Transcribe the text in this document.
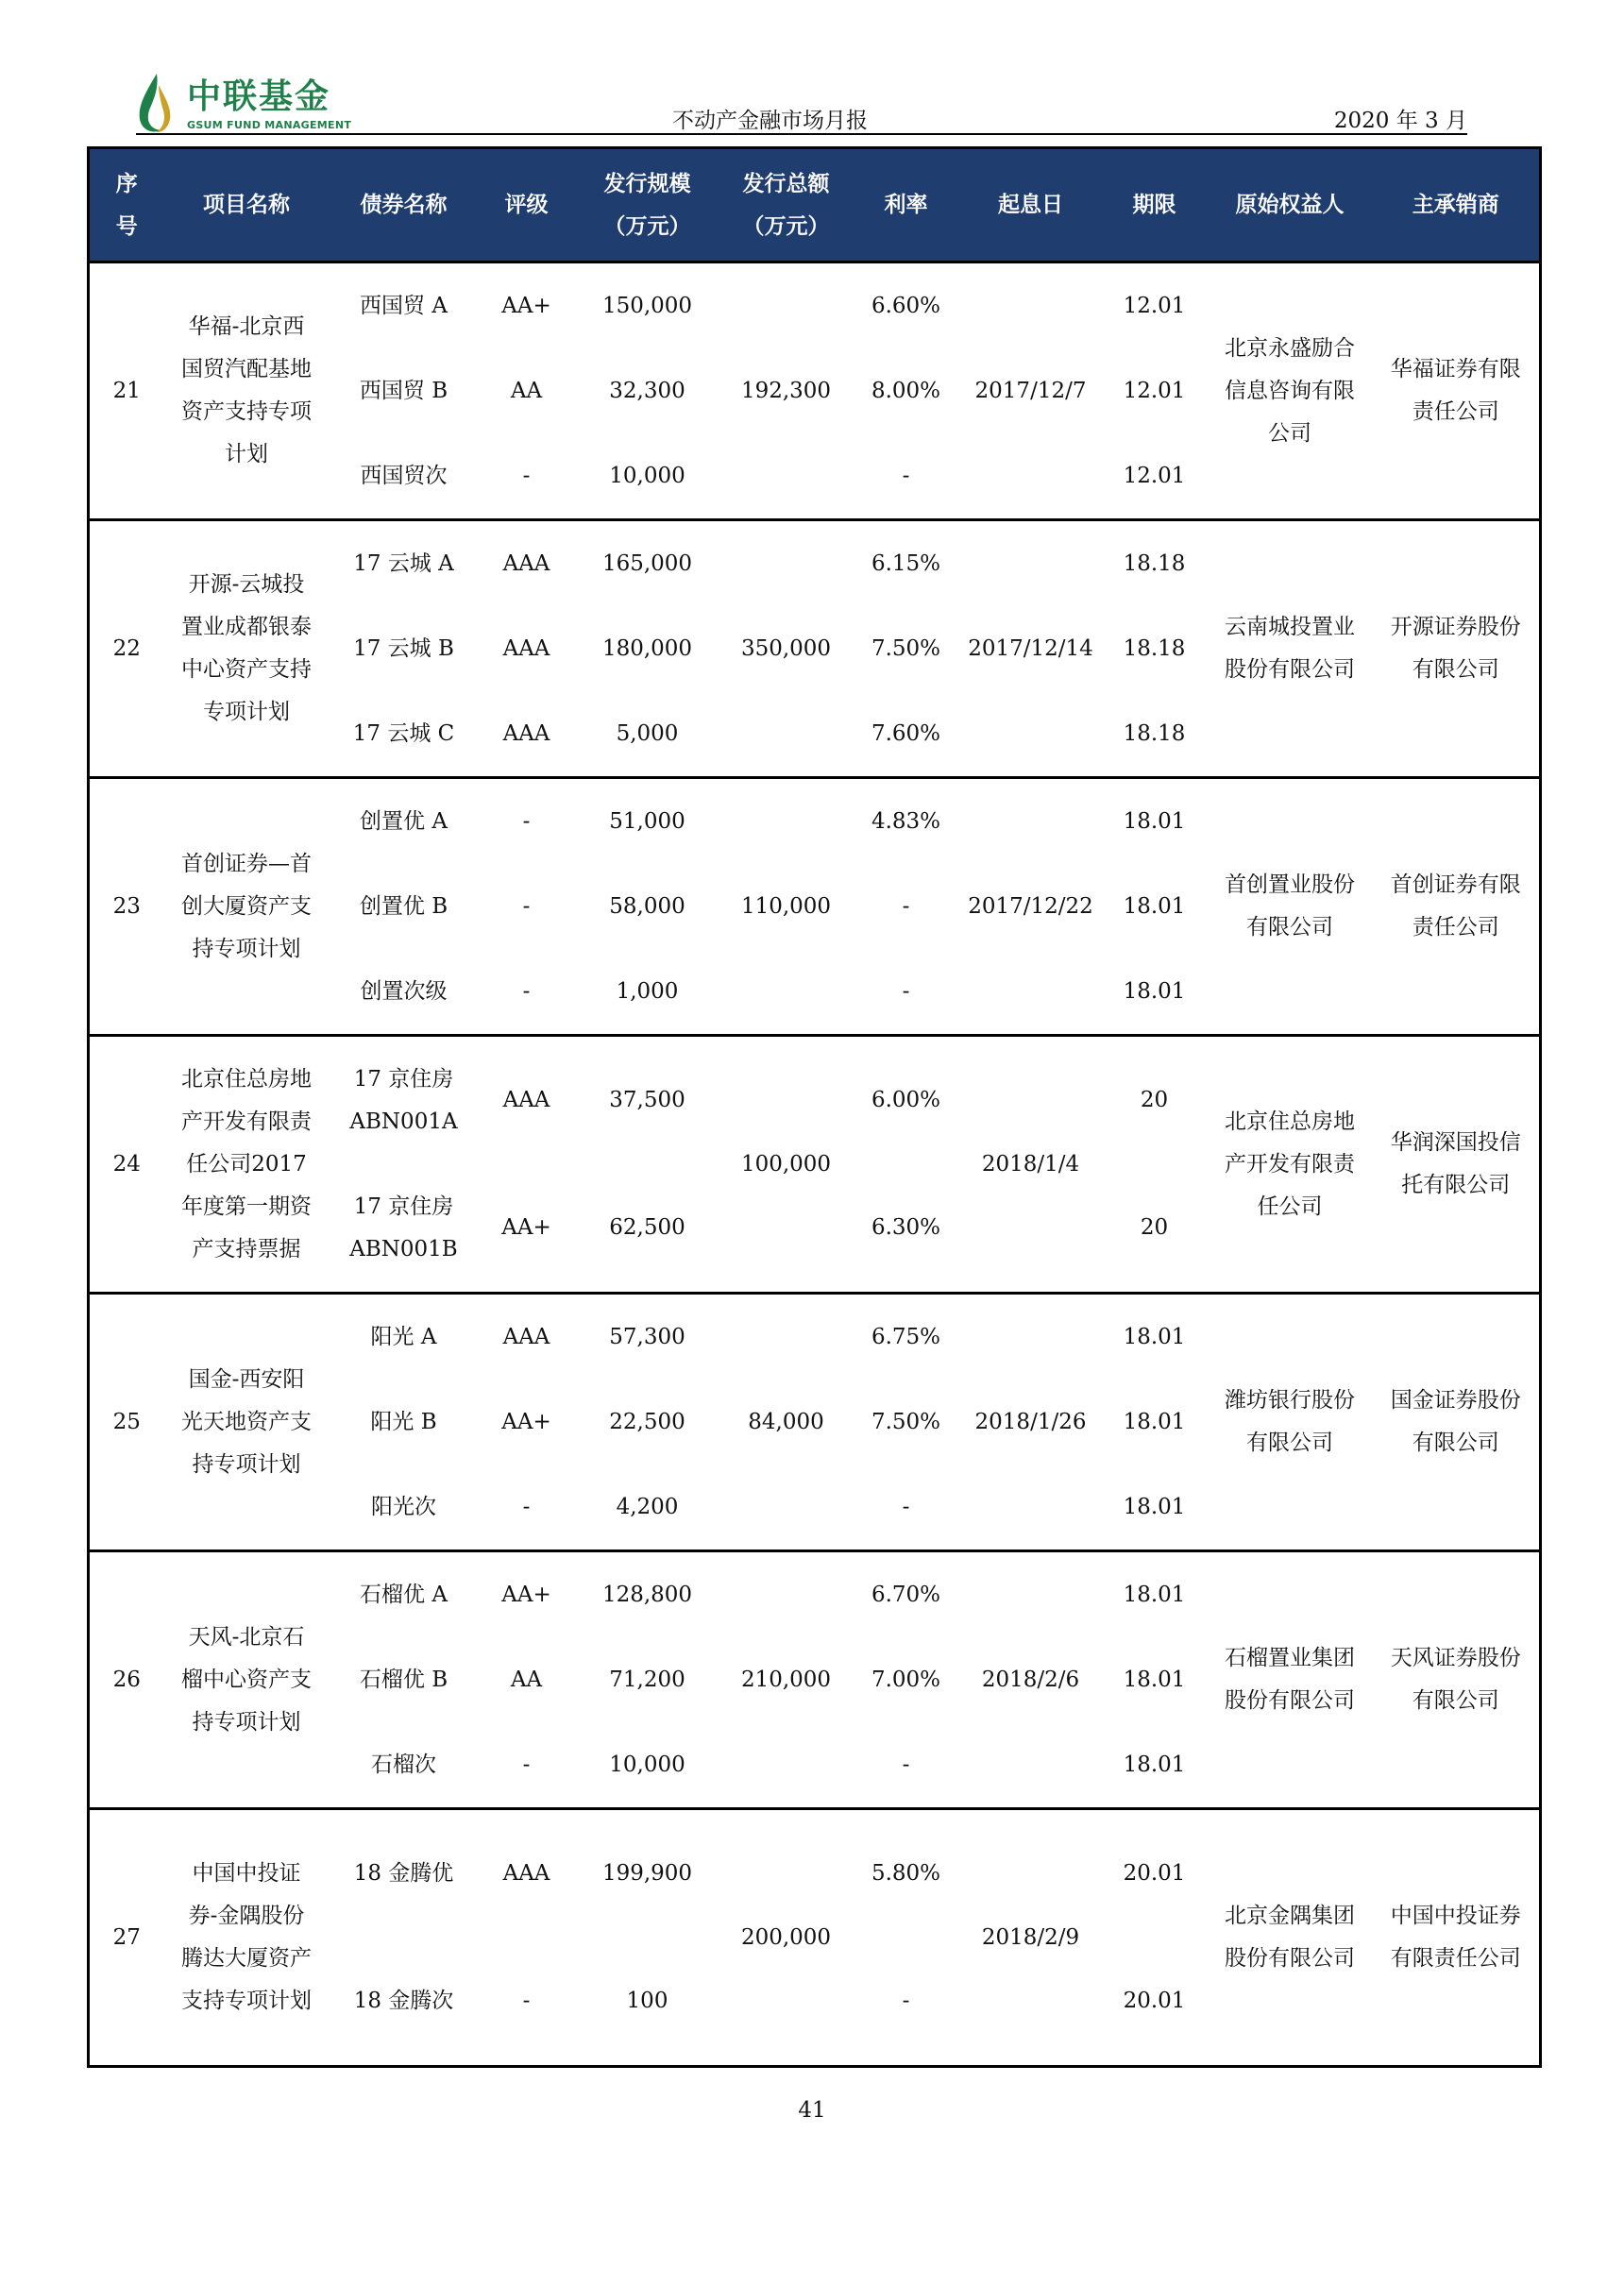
中联基金
GSUM FUND MANAGEMENT	不动产金融市场月报	2020 年 3 月
序号	项目名称	债券名称	评级	发行规模（万元）	发行总额（万元）	利率	起息日	期限	原始权益人	主承销商
21	华福-北京西国贸汽配基地资产支持专项计划	西国贸 A	AA+	150,000	192,300	6.60%	2017/12/7	12.01	北京永盛励合信息咨询有限公司	华福证券有限责任公司
		西国贸 B	AA	32,300		8.00%		12.01		
		西国贸次	-	10,000		-		12.01		
22	开源-云城投置业成都银泰中心资产支持专项计划	17 云城 A	AAA	165,000	350,000	6.15%	2017/12/14	18.18	云南城投置业股份有限公司	开源证券股份有限公司
		17 云城 B	AAA	180,000		7.50%		18.18		
		17 云城 C	AAA	5,000		7.60%		18.18		
23	首创证券—首创大厦资产支持专项计划	创置优 A	-	51,000	110,000	4.83%	2017/12/22	18.01	首创置业股份有限公司	首创证券有限责任公司
		创置优 B	-	58,000		-		18.01		
		创置次级	-	1,000		-		18.01		
24	北京住总房地产开发有限责任公司2017 年度第一期资产支持票据	17 京住房ABN001A	AAA	37,500	100,000	6.00%	2018/1/4	20	北京住总房地产开发有限责任公司	华润深国投信托有限公司
		17 京住房ABN001B	AA+	62,500		6.30%		20		
25	国金-西安阳光天地资产支持专项计划	阳光 A	AAA	57,300	84,000	6.75%	2018/1/26	18.01	潍坊银行股份有限公司	国金证券股份有限公司
		阳光 B	AA+	22,500		7.50%		18.01		
		阳光次	-	4,200		-		18.01		
26	天风-北京石榴中心资产支持专项计划	石榴优 A	AA+	128,800	210,000	6.70%	2018/2/6	18.01	石榴置业集团股份有限公司	天风证券股份有限公司
		石榴优 B	AA	71,200		7.00%		18.01		
		石榴次	-	10,000		-		18.01		
27	中国中投证券-金隅股份腾达大厦资产支持专项计划	18 金腾优	AAA	199,900	200,000	5.80%	2018/2/9	20.01	北京金隅集团股份有限公司	中国中投证券有限责任公司
		18 金腾次	-	100		-		20.01		
41
